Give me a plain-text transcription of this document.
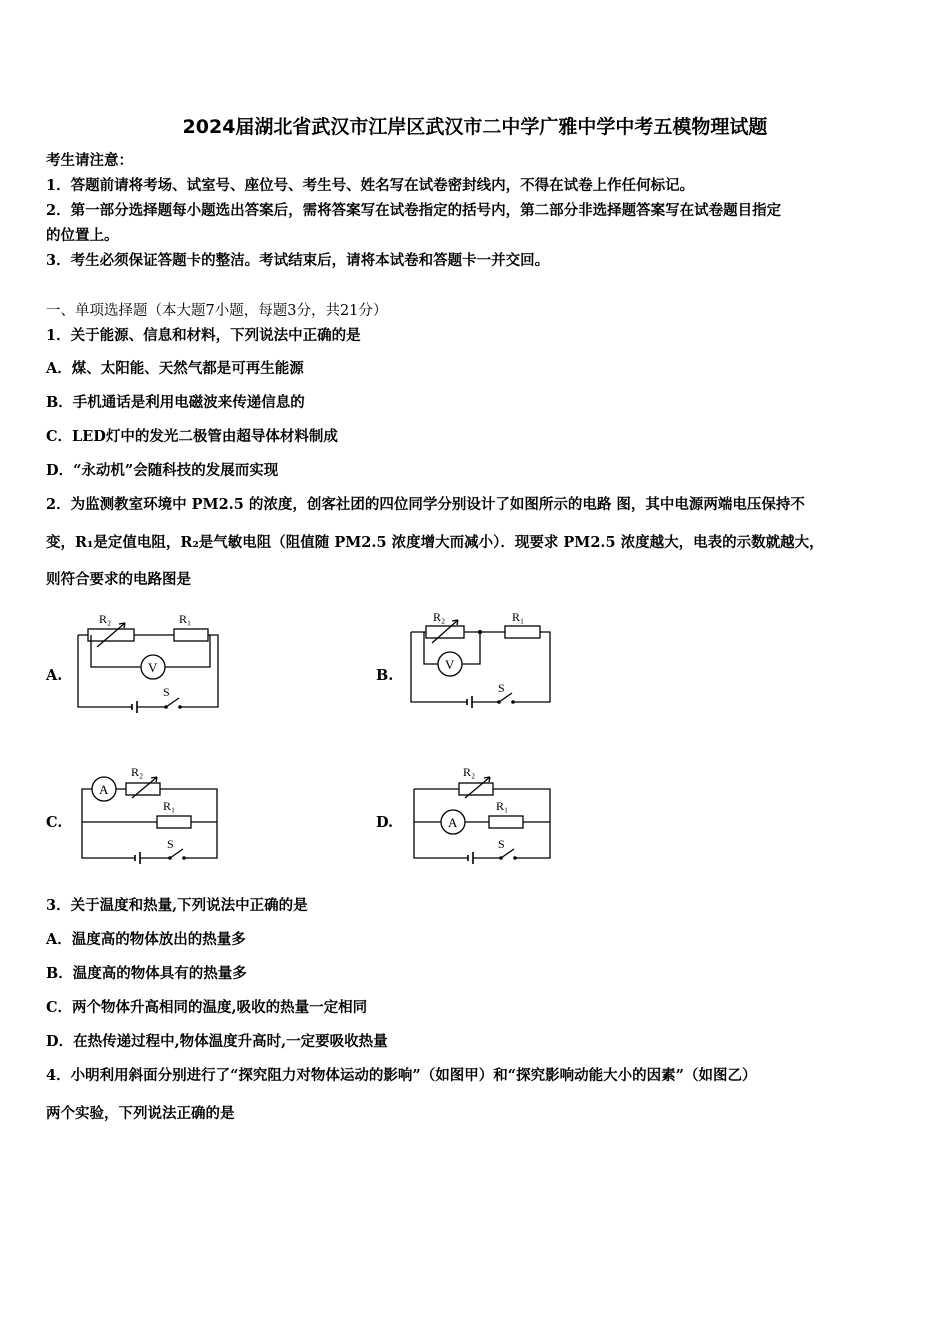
2024届湖北省武汉市江岸区武汉市二中学广雅中学中考五模物理试题
考生请注意：
1．答题前请将考场、试室号、座位号、考生号、姓名写在试卷密封线内，不得在试卷上作任何标记。
2．第一部分选择题每小题选出答案后，需将答案写在试卷指定的括号内，第二部分非选择题答案写在试卷题目指定
的位置上。
3．考生必须保证答题卡的整洁。考试结束后，请将本试卷和答题卡一并交回。
一、单项选择题（本大题7小题，每题3分，共21分）
1．关于能源、信息和材料，下列说法中正确的是
A．煤、太阳能、天然气都是可再生能源
B．手机通话是利用电磁波来传递信息的
C．LED灯中的发光二极管由超导体材料制成
D．“永动机”会随科技的发展而实现
2．为监测教室环境中 PM2.5 的浓度，创客社团的四位同学分别设计了如图所示的电路 图，其中电源两端电压保持不
变，R₁是定值电阻，R₂是气敏电阻（阻值随 PM2.5 浓度增大而减小）．现要求 PM2.5 浓度越大，电表的示数就越大，
则符合要求的电路图是
A.	B.
C.	D.
R₂	R₁
V
S
R₂	R₁
V
S
A
R₂
R₁
S
R₂
A
R₁
S
3．关于温度和热量,下列说法中正确的是
A．温度高的物体放出的热量多
B．温度高的物体具有的热量多
C．两个物体升高相同的温度,吸收的热量一定相同
D．在热传递过程中,物体温度升高时,一定要吸收热量
4．小明利用斜面分别进行了“探究阻力对物体运动的影响”（如图甲）和“探究影响动能大小的因素”（如图乙）
两个实验，下列说法正确的是
